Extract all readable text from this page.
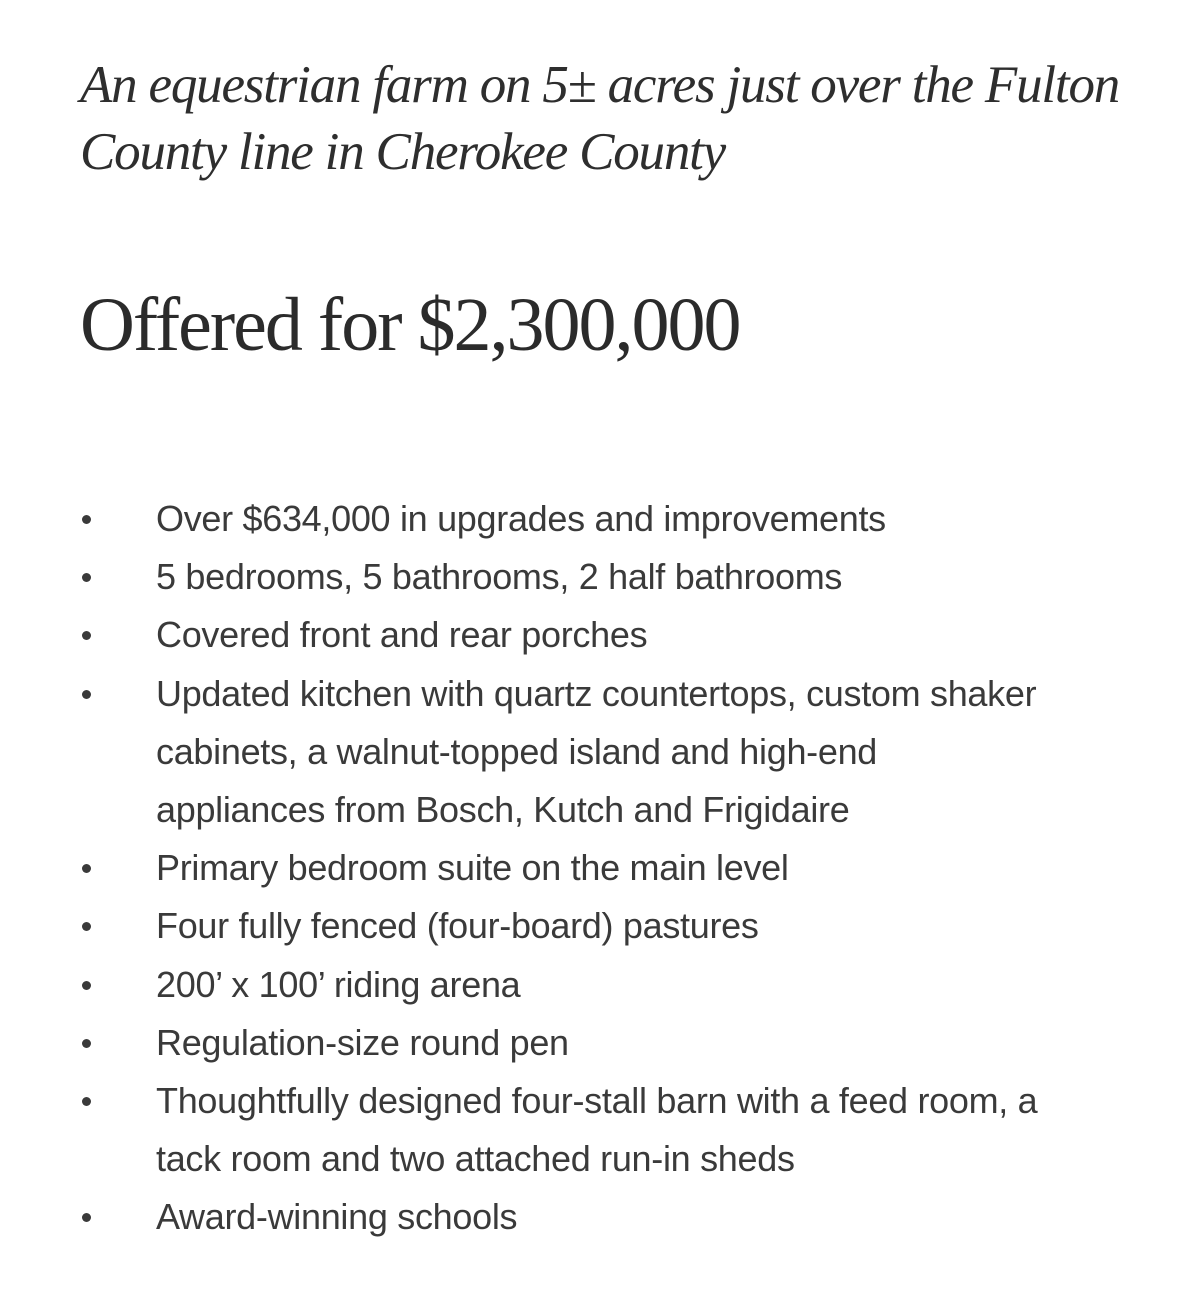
An equestrian farm on 5± acres just over the Fulton County line in Cherokee County
Offered for $2,300,000
Over $634,000 in upgrades and improvements
5 bedrooms, 5 bathrooms, 2 half bathrooms
Covered front and rear porches
Updated kitchen with quartz countertops, custom shaker cabinets, a walnut-topped island and high-end appliances from Bosch, Kutch and Frigidaire
Primary bedroom suite on the main level
Four fully fenced (four-board) pastures
200’ x 100’ riding arena
Regulation-size round pen
Thoughtfully designed four-stall barn with a feed room, a tack room and two attached run-in sheds
Award-winning schools
